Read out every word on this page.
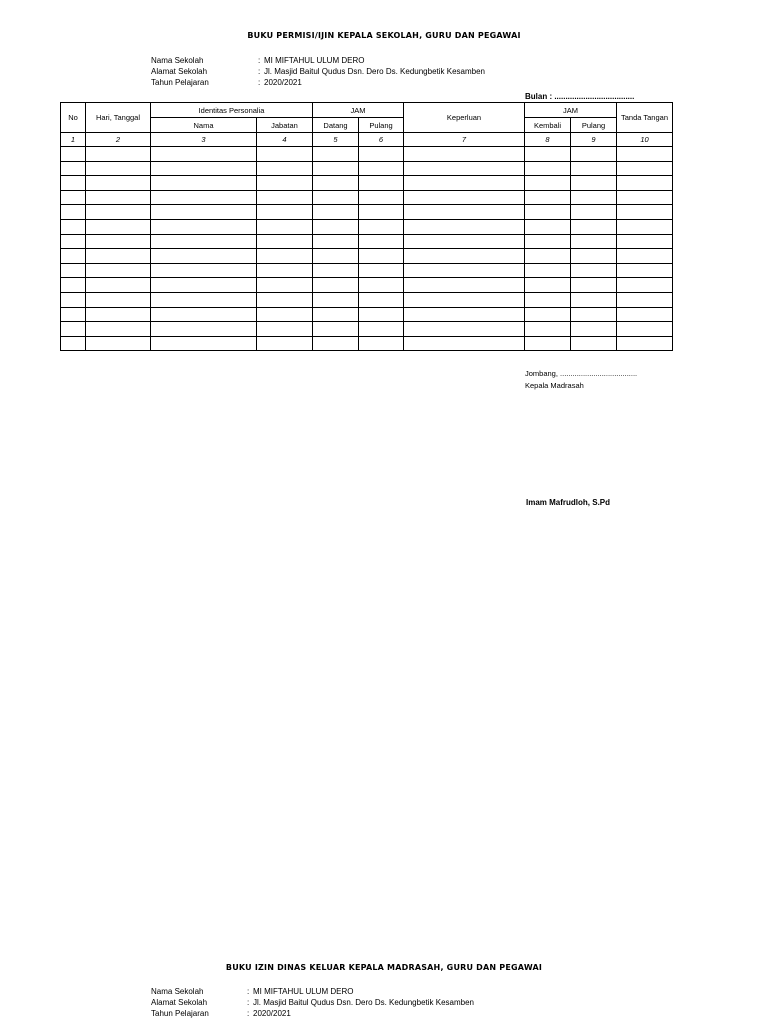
BUKU PERMISI/IJIN KEPALA SEKOLAH, GURU DAN PEGAWAI
Nama Sekolah	: MI MIFTAHUL ULUM DERO
Alamat Sekolah	: Jl. Masjid Baitul Qudus Dsn. Dero Ds. Kedungbetik Kesamben
Tahun Pelajaran	: 2020/2021
Bulan : ....................................
No	Hari, Tanggal	Identitas Personalia		JAM		Keperluan	JAM		Tanda Tangan
		Nama	Jabatan	Datang	Pulang		Kembali	Pulang	
1	2	3	4	5	6	7	8	9	10

Jombang, .....................................
Kepala Madrasah
Imam Mafrudloh, S.Pd
BUKU IZIN DINAS KELUAR KEPALA MADRASAH, GURU DAN PEGAWAI
Nama Sekolah	: MI MIFTAHUL ULUM DERO
Alamat Sekolah	: Jl. Masjid Baitul Qudus Dsn. Dero Ds. Kedungbetik Kesamben
Tahun Pelajaran	: 2020/2021
